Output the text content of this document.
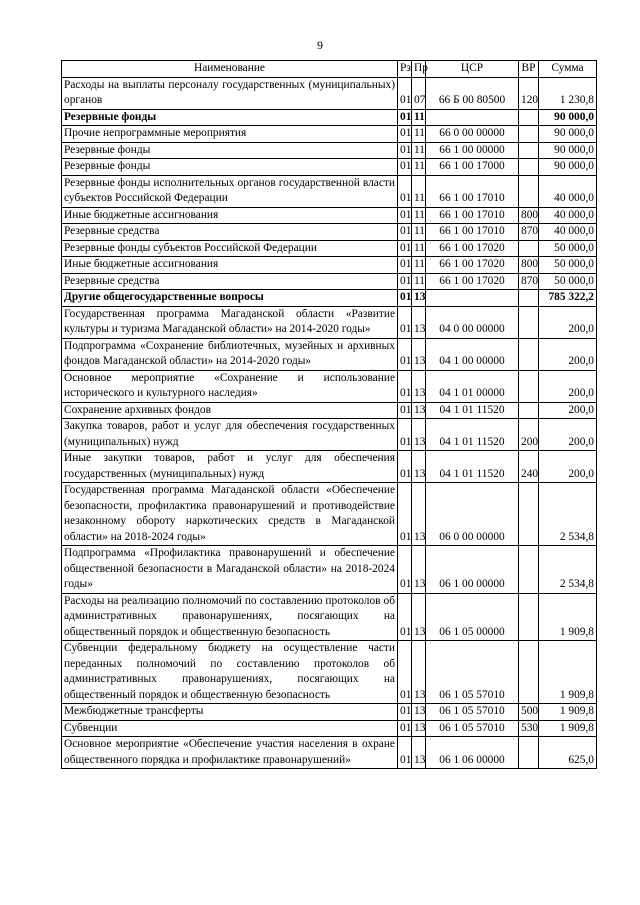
9
Наименование	Рз	Пр	ЦСР	ВР	Сумма
Расходы на выплаты персоналу государственных (муниципальных) органов	01	07	66 Б 00 80500	120	1 230,8
Резервные фонды	01	11			90 000,0
Прочие непрограммные мероприятия	01	11	66 0 00 00000		90 000,0
Резервные фонды	01	11	66 1 00 00000		90 000,0
Резервные фонды	01	11	66 1 00 17000		90 000,0
Резервные фонды исполнительных органов государственной власти субъектов Российской Федерации	01	11	66 1 00 17010		40 000,0
Иные бюджетные ассигнования	01	11	66 1 00 17010	800	40 000,0
Резервные средства	01	11	66 1 00 17010	870	40 000,0
Резервные фонды субъектов Российской Федерации	01	11	66 1 00 17020		50 000,0
Иные бюджетные ассигнования	01	11	66 1 00 17020	800	50 000,0
Резервные средства	01	11	66 1 00 17020	870	50 000,0
Другие общегосударственные вопросы	01	13			785 322,2
Государственная программа Магаданской области «Развитие культуры и туризма Магаданской области» на 2014-2020 годы»	01	13	04 0 00 00000		200,0
Подпрограмма «Сохранение библиотечных, музейных и архивных фондов Магаданской области» на 2014-2020 годы»	01	13	04 1 00 00000		200,0
Основное мероприятие «Сохранение и использование исторического и культурного наследия»	01	13	04 1 01 00000		200,0
Сохранение архивных фондов	01	13	04 1 01 11520		200,0
Закупка товаров, работ и услуг для обеспечения государственных (муниципальных) нужд	01	13	04 1 01 11520	200	200,0
Иные закупки товаров, работ и услуг для обеспечения государственных (муниципальных) нужд	01	13	04 1 01 11520	240	200,0
Государственная программа Магаданской области «Обеспечение безопасности, профилактика правонарушений и противодействие незаконному обороту наркотических средств в Магаданской области» на 2018-2024 годы»	01	13	06 0 00 00000		2 534,8
Подпрограмма «Профилактика правонарушений и обеспечение общественной безопасности в Магаданской области» на 2018-2024 годы»	01	13	06 1 00 00000		2 534,8
Расходы на реализацию полномочий по составлению протоколов об административных правонарушениях, посягающих на общественный порядок и общественную безопасность	01	13	06 1 05 00000		1 909,8
Субвенции федеральному бюджету на осуществление части переданных полномочий по составлению протоколов об административных правонарушениях, посягающих на общественный порядок и общественную безопасность	01	13	06 1 05 57010		1 909,8
Межбюджетные трансферты	01	13	06 1 05 57010	500	1 909,8
Субвенции	01	13	06 1 05 57010	530	1 909,8
Основное мероприятие «Обеспечение участия населения в охране общественного порядка и профилактике правонарушений»	01	13	06 1 06 00000		625,0
